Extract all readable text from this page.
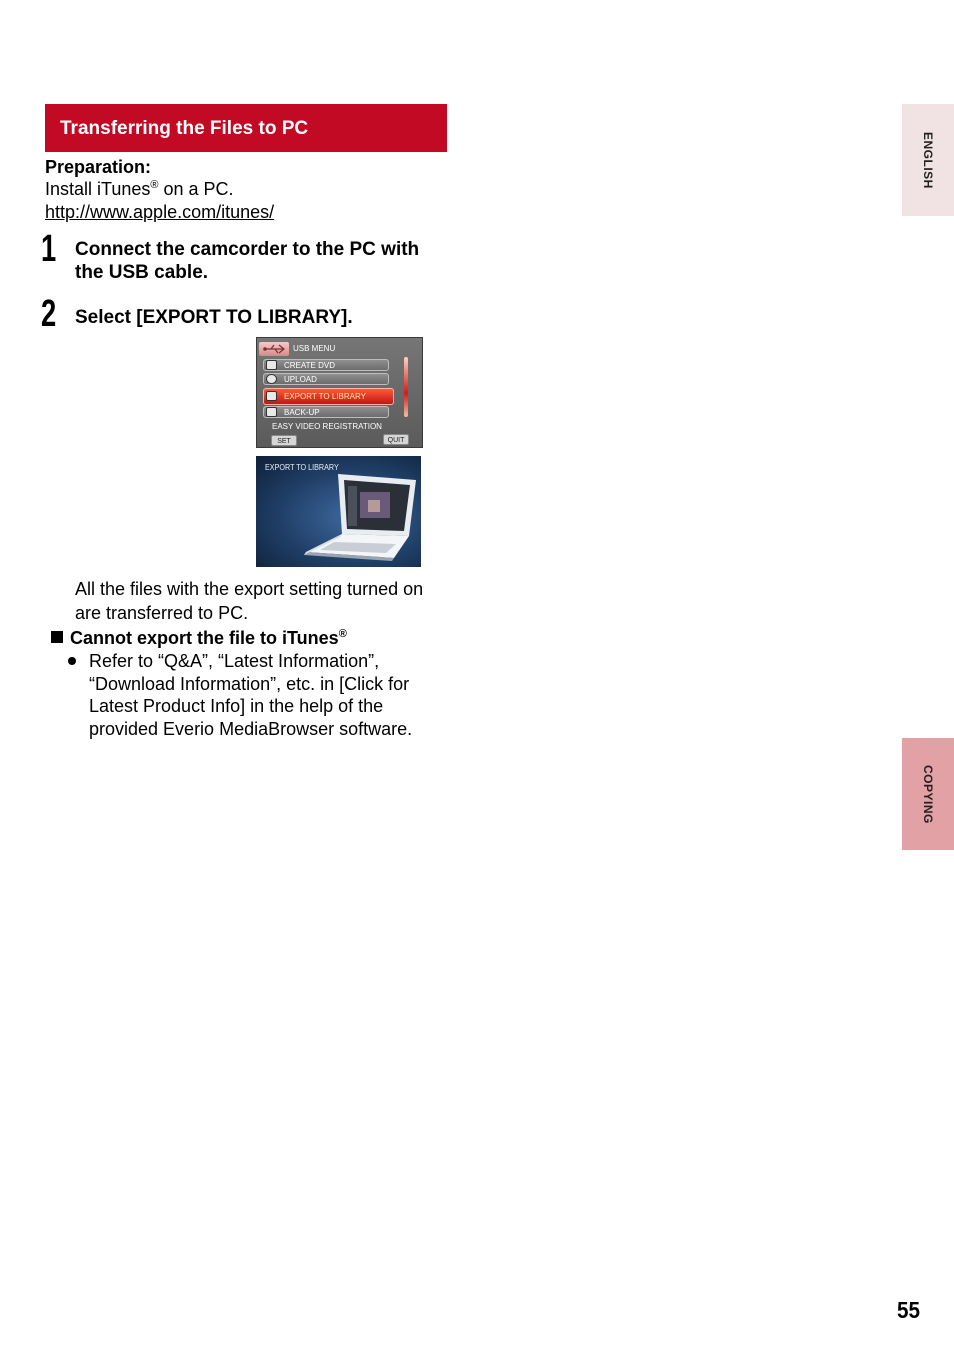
Transferring the Files to PC
Preparation:
Install iTunes® on a PC.
http://www.apple.com/itunes/
1 Connect the camcorder to the PC with the USB cable.
2 Select [EXPORT TO LIBRARY].
USB MENU
CREATE DVD
UPLOAD
EXPORT TO LIBRARY
BACK-UP
EASY VIDEO REGISTRATION
SET	QUIT
EXPORT TO LIBRARY
All the files with the export setting turned on are transferred to PC.
Cannot export the file to iTunes®
Refer to “Q&A”, “Latest Information”, “Download Information”, etc. in [Click for Latest Product Info] in the help of the provided Everio MediaBrowser software.
ENGLISH
COPYING
55
